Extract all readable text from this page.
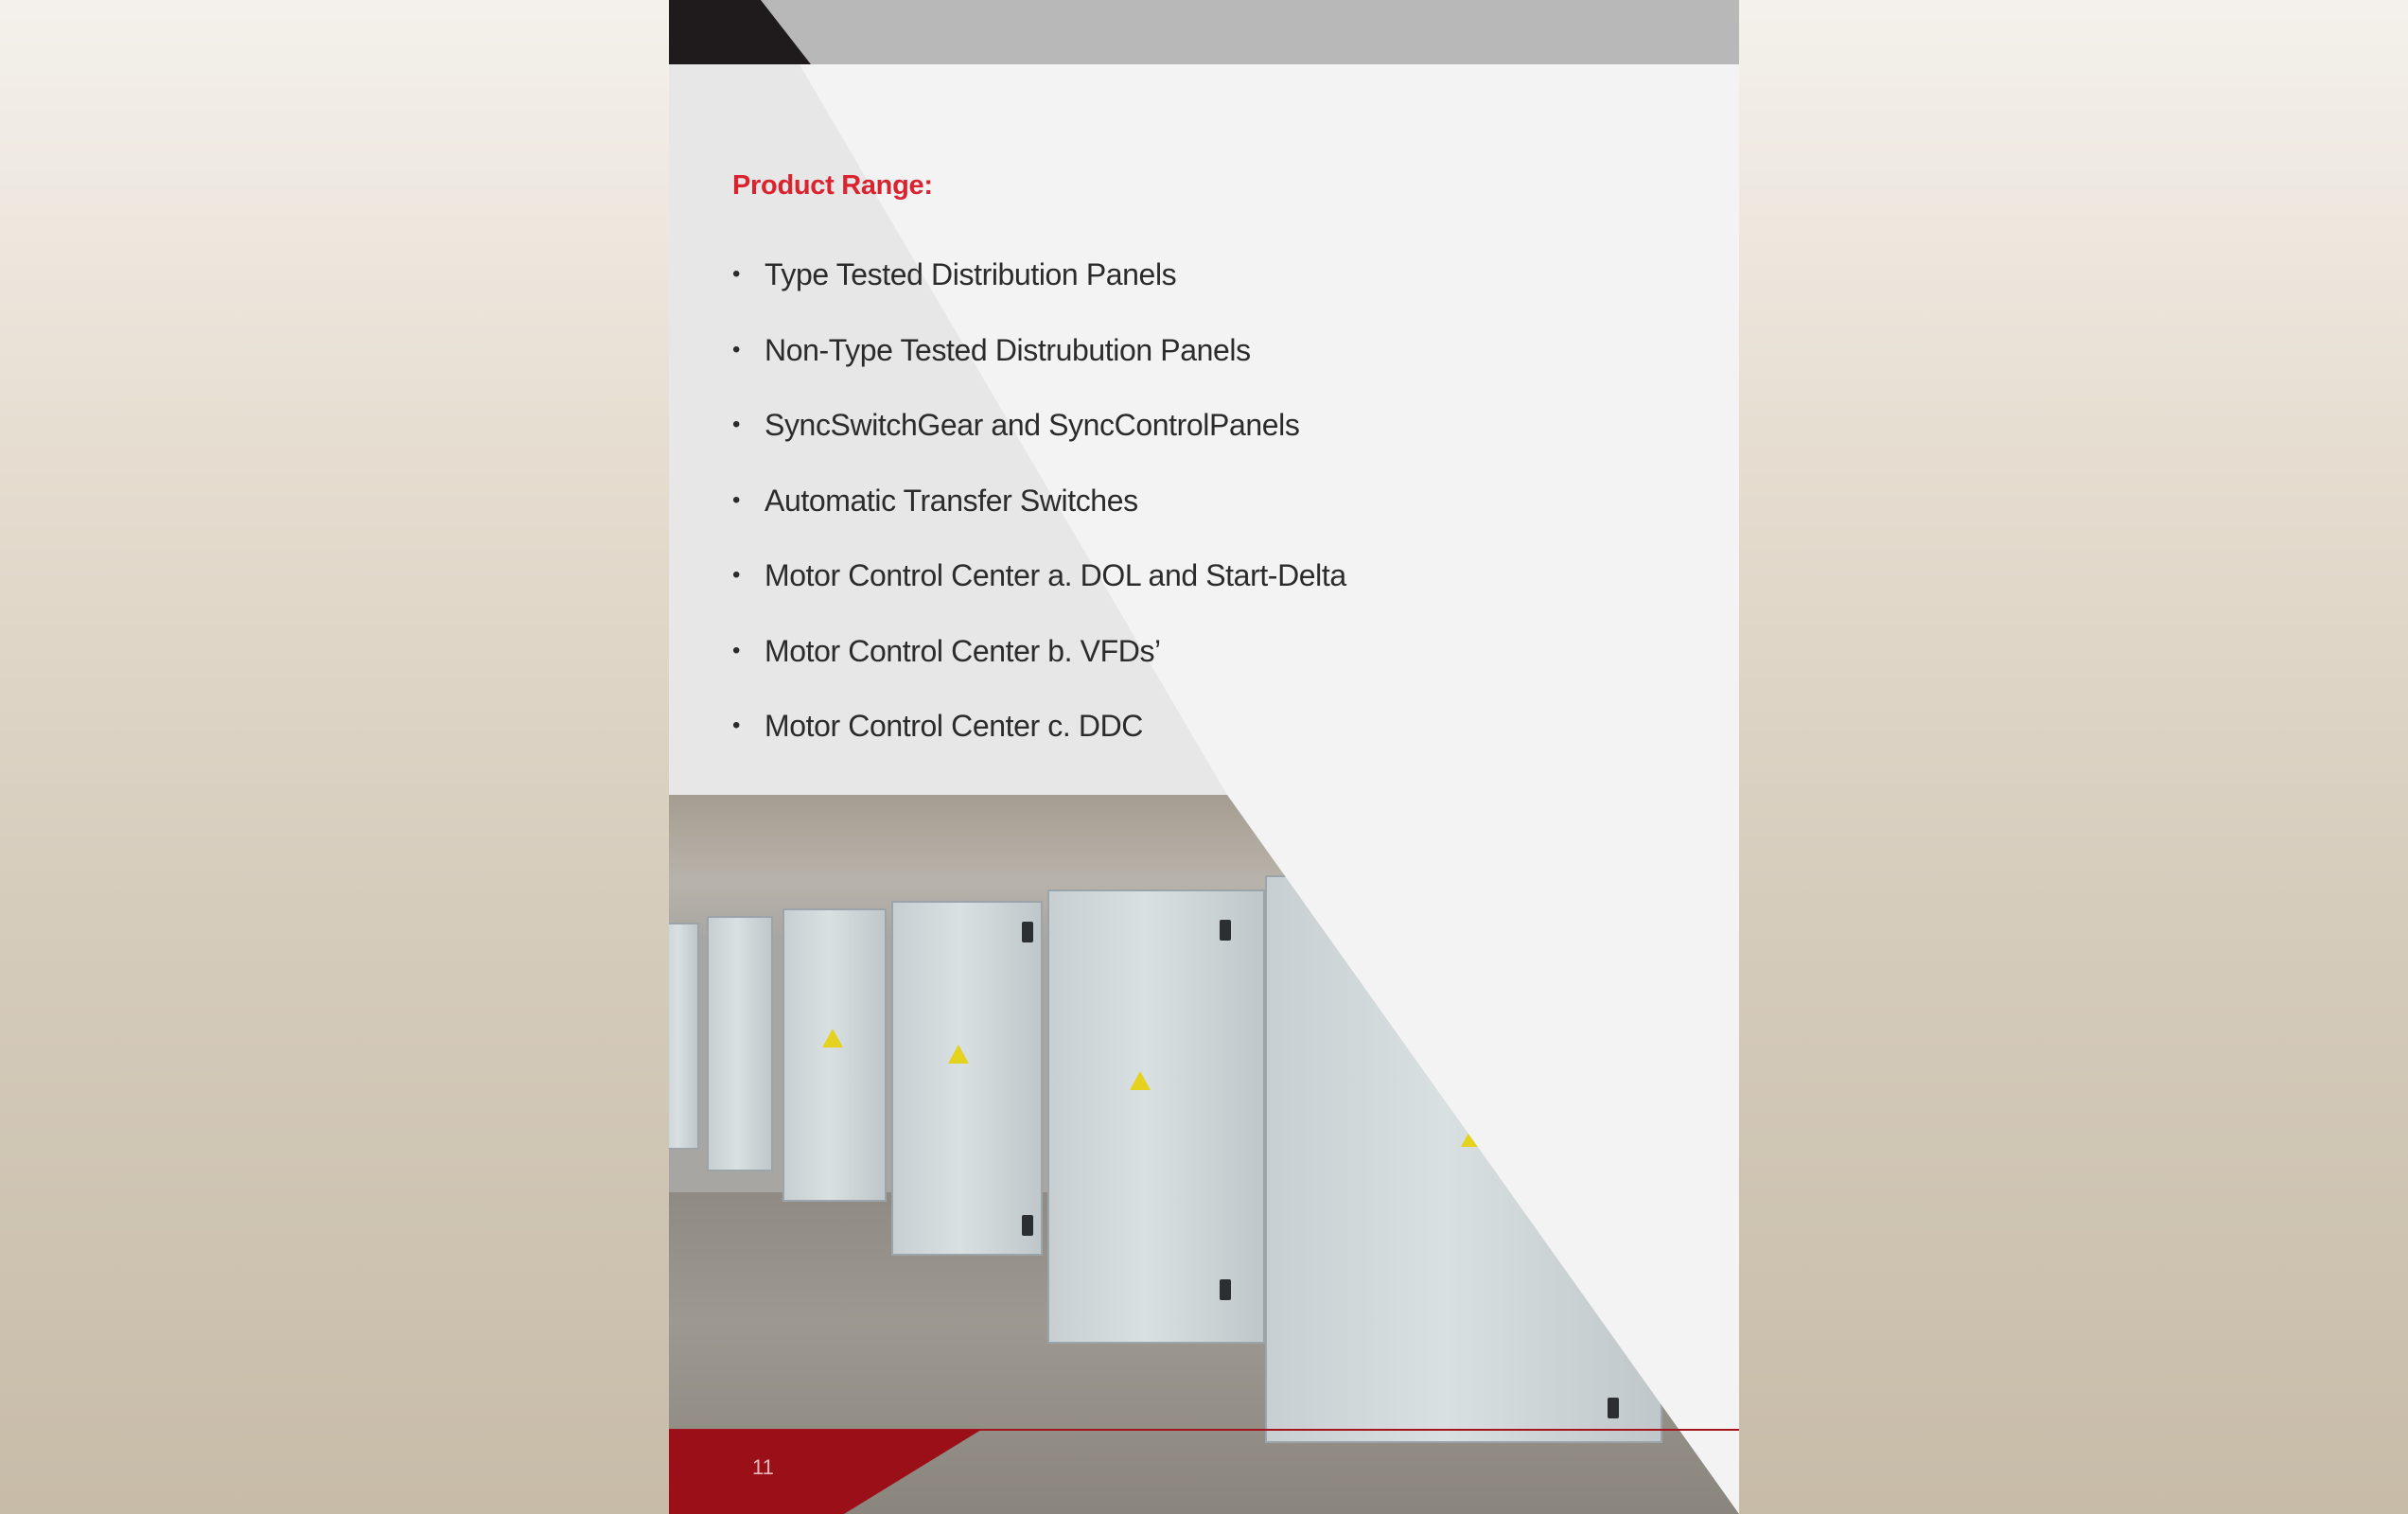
Product Range:
• Type Tested Distribution Panels
• Non-Type Tested Distrubution Panels
• SyncSwitchGear and SyncControlPanels
• Automatic Transfer Switches
• Motor Control Center a. DOL and Start-Delta
• Motor Control Center b. VFDs’
• Motor Control Center c. DDC
11
